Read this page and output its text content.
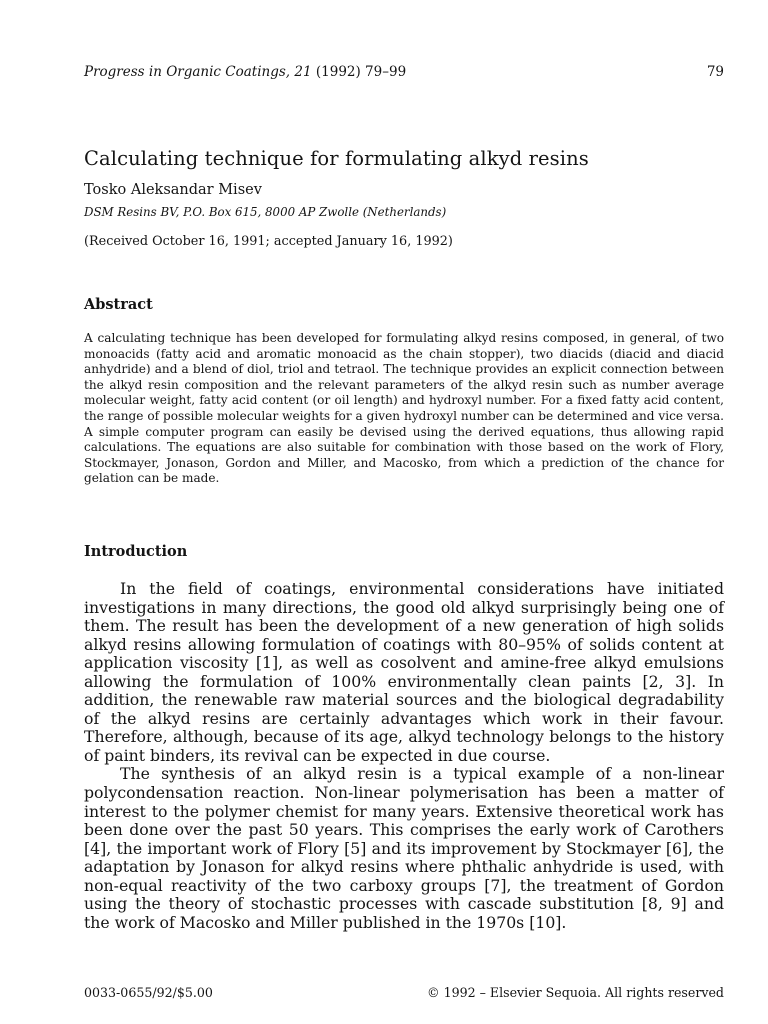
Progress in Organic Coatings, 21 (1992) 79–99	79
Calculating technique for formulating alkyd resins
Tosko Aleksandar Misev
DSM Resins BV, P.O. Box 615, 8000 AP Zwolle (Netherlands)
(Received October 16, 1991; accepted January 16, 1992)
Abstract

A calculating technique has been developed for formulating alkyd resins composed, in general, of two monoacids (fatty acid and aromatic monoacid as the chain stopper), two diacids (diacid and diacid anhydride) and a blend of diol, triol and tetraol. The technique provides an explicit connection between the alkyd resin composition and the relevant parameters of the alkyd resin such as number average molecular weight, fatty acid content (or oil length) and hydroxyl number. For a fixed fatty acid content, the range of possible molecular weights for a given hydroxyl number can be determined and vice versa. A simple computer program can easily be devised using the derived equations, thus allowing rapid calculations. The equations are also suitable for combination with those based on the work of Flory, Stockmayer, Jonason, Gordon and Miller, and Macosko, from which a prediction of the chance for gelation can be made.

Introduction

In the field of coatings, environmental considerations have initiated investigations in many directions, the good old alkyd surprisingly being one of them. The result has been the development of a new generation of high solids alkyd resins allowing formulation of coatings with 80–95% of solids content at application viscosity [1], as well as cosolvent and amine-free alkyd emulsions allowing the formulation of 100% environmentally clean paints [2, 3]. In addition, the renewable raw material sources and the biological degradability of the alkyd resins are certainly advantages which work in their favour. Therefore, although, because of its age, alkyd technology belongs to the history of paint binders, its revival can be expected in due course.

The synthesis of an alkyd resin is a typical example of a non-linear polycondensation reaction. Non-linear polymerisation has been a matter of interest to the polymer chemist for many years. Extensive theoretical work has been done over the past 50 years. This comprises the early work of Carothers [4], the important work of Flory [5] and its improvement by Stockmayer [6], the adaptation by Jonason for alkyd resins where phthalic anhydride is used, with non-equal reactivity of the two carboxy groups [7], the treatment of Gordon using the theory of stochastic processes with cascade substitution [8, 9] and the work of Macosko and Miller published in the 1970s [10].

0033-0655/92/$5.00	© 1992 – Elsevier Sequoia. All rights reserved
